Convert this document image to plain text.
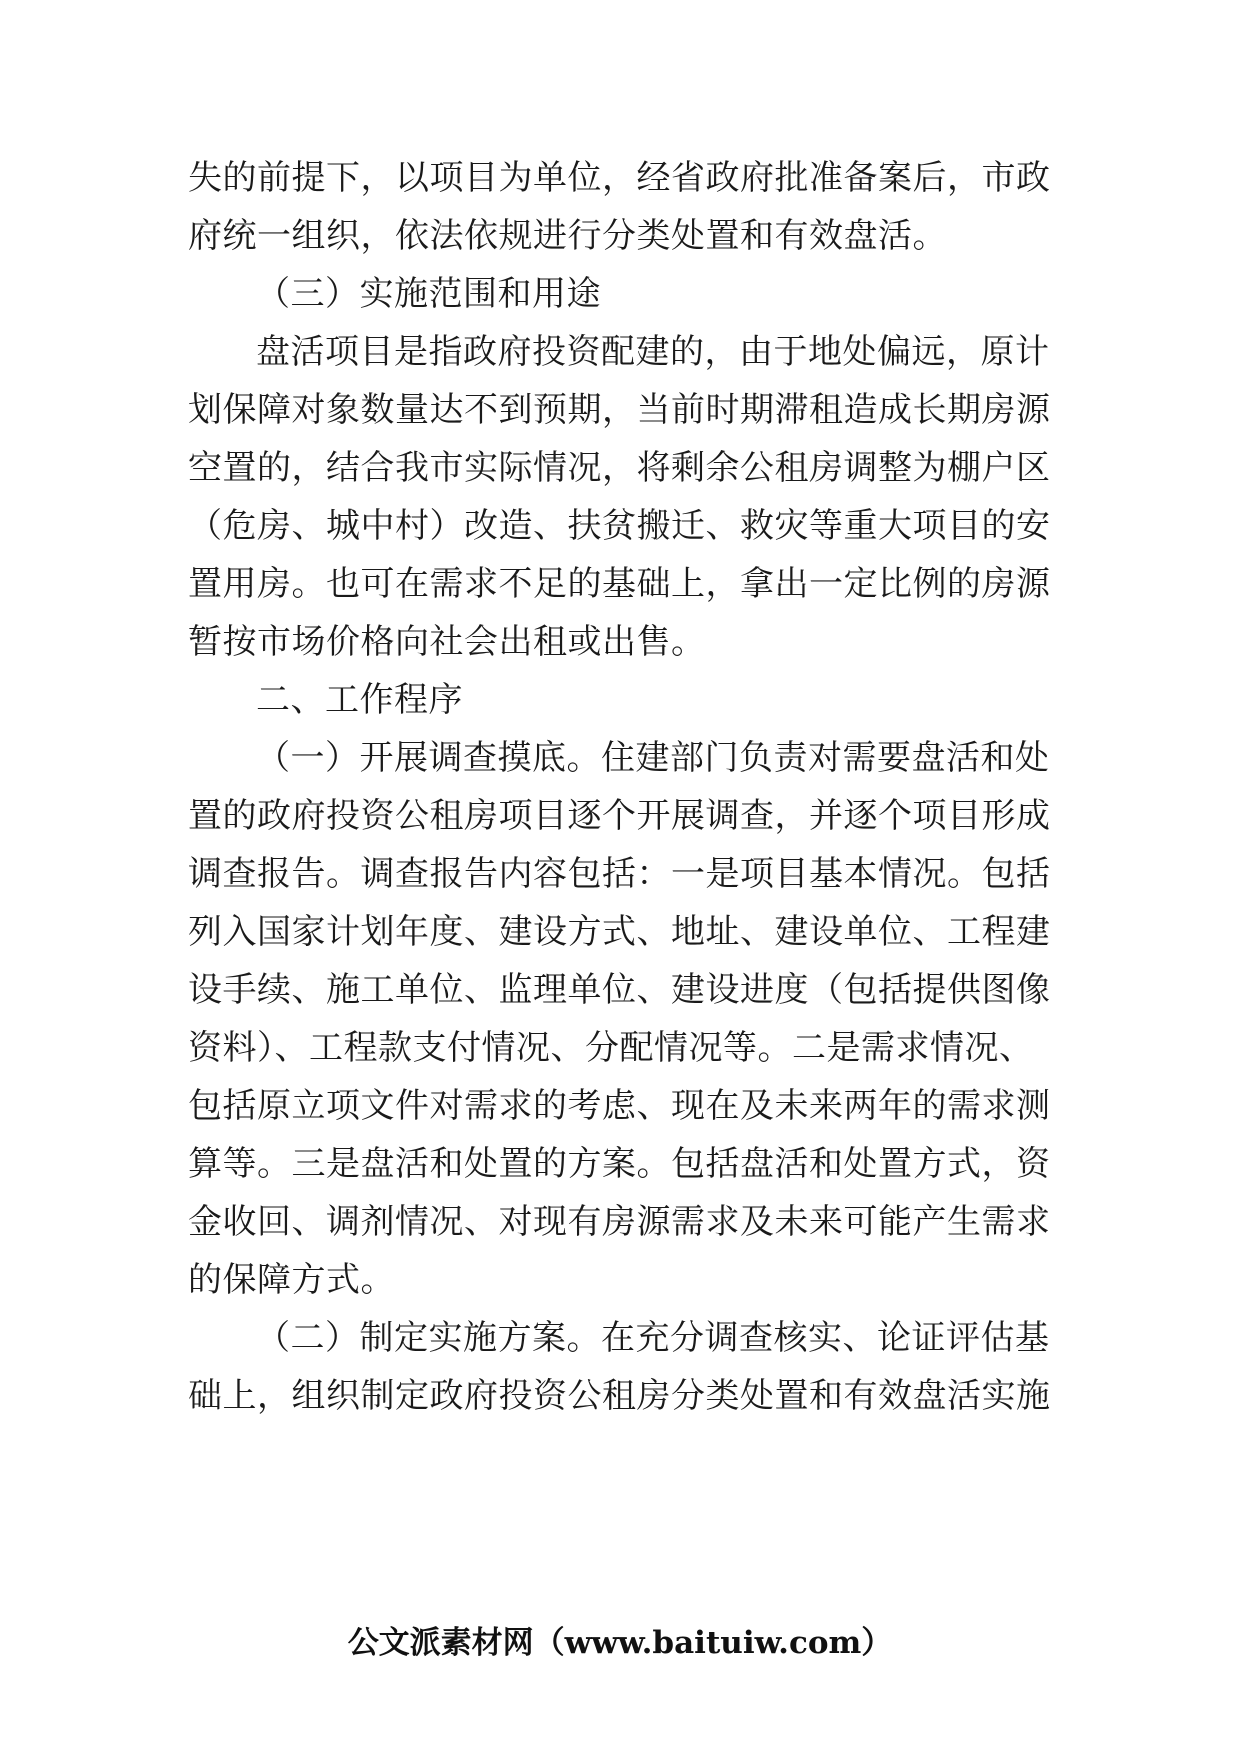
失的前提下，以项目为单位，经省政府批准备案后，市政
府统一组织，依法依规进行分类处置和有效盘活。
（三）实施范围和用途
盘活项目是指政府投资配建的，由于地处偏远，原计
划保障对象数量达不到预期，当前时期滞租造成长期房源
空置的，结合我市实际情况，将剩余公租房调整为棚户区
（危房、城中村）改造、扶贫搬迁、救灾等重大项目的安
置用房。也可在需求不足的基础上，拿出一定比例的房源
暂按市场价格向社会出租或出售。
二、工作程序
（一）开展调查摸底。住建部门负责对需要盘活和处
置的政府投资公租房项目逐个开展调查，并逐个项目形成
调查报告。调查报告内容包括：一是项目基本情况。包括
列入国家计划年度、建设方式、地址、建设单位、工程建
设手续、施工单位、监理单位、建设进度（包括提供图像
资料）、工程款支付情况、分配情况等。二是需求情况、
包括原立项文件对需求的考虑、现在及未来两年的需求测
算等。三是盘活和处置的方案。包括盘活和处置方式，资
金收回、调剂情况、对现有房源需求及未来可能产生需求
的保障方式。
（二）制定实施方案。在充分调查核实、论证评估基
础上，组织制定政府投资公租房分类处置和有效盘活实施
公文派素材网（www.baituiw.com）
